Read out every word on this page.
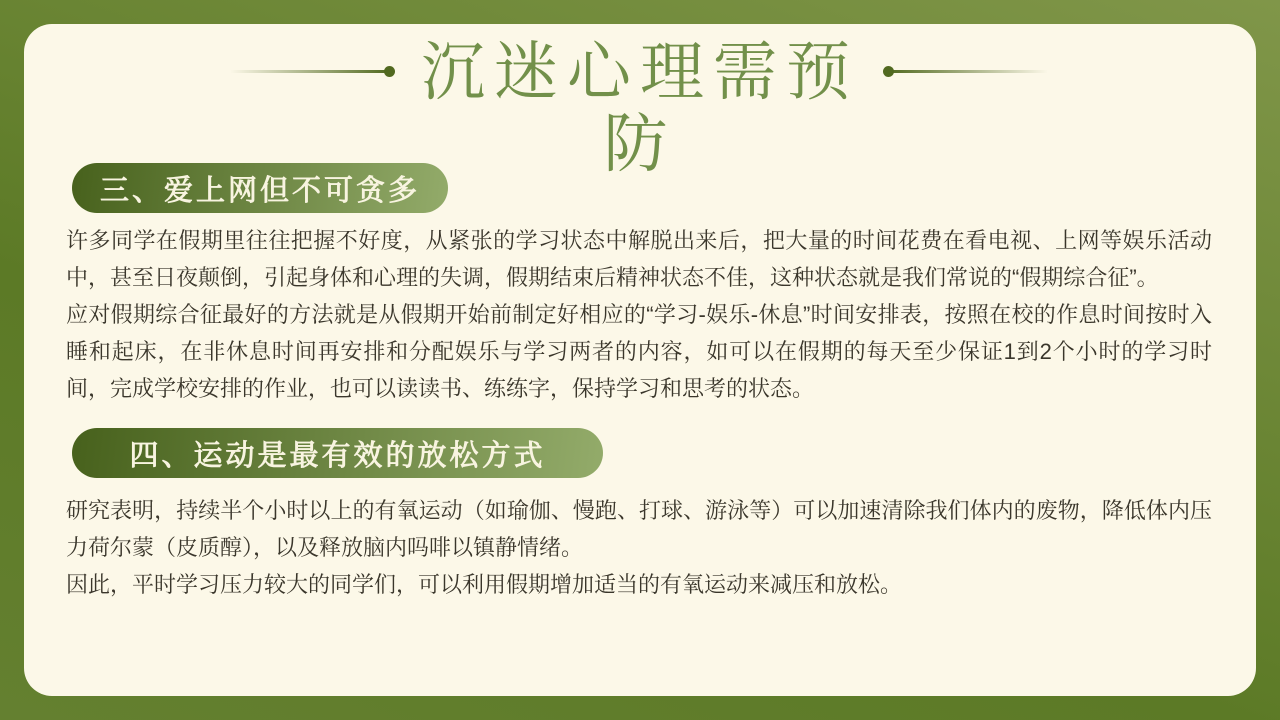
沉迷心理需预防
三、爱上网但不可贪多

许多同学在假期里往往把握不好度，从紧张的学习状态中解脱出来后，把大量的时间花费在看电视、上网等娱乐活动中，甚至日夜颠倒，引起身体和心理的失调，假期结束后精神状态不佳，这种状态就是我们常说的“假期综合征”。

应对假期综合征最好的方法就是从假期开始前制定好相应的“学习-娱乐-休息”时间安排表，按照在校的作息时间按时入睡和起床，在非休息时间再安排和分配娱乐与学习两者的内容，如可以在假期的每天至少保证1到2个小时的学习时间，完成学校安排的作业，也可以读读书、练练字，保持学习和思考的状态。

四、运动是最有效的放松方式

研究表明，持续半个小时以上的有氧运动（如瑜伽、慢跑、打球、游泳等）可以加速清除我们体内的废物，降低体内压力荷尔蒙（皮质醇），以及释放脑内吗啡以镇静情绪。

因此，平时学习压力较大的同学们，可以利用假期增加适当的有氧运动来减压和放松。
